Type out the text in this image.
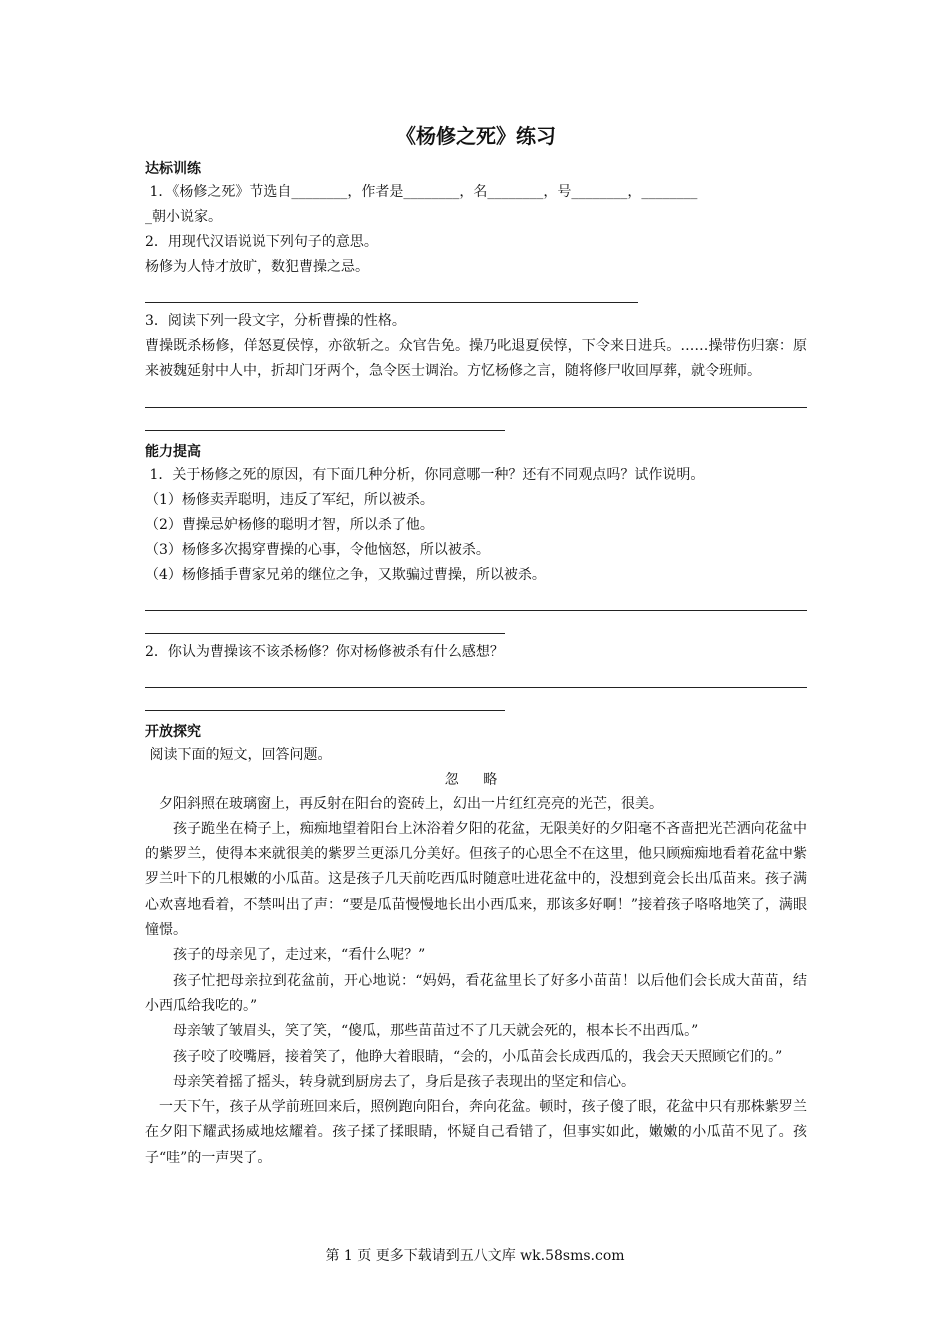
《杨修之死》练习

达标训练

1．《杨修之死》节选自________，作者是________，名________，号________，________

_朝小说家。

2．用现代汉语说说下列句子的意思。

杨修为人恃才放旷，数犯曹操之忌。

3．阅读下列一段文字，分析曹操的性格。

曹操既杀杨修，佯怒夏侯惇，亦欲斩之。众官告免。操乃叱退夏侯惇，下令来日进兵。……操带伤归寨：原来被魏延射中人中，折却门牙两个，急令医士调治。方忆杨修之言，随将修尸收回厚葬，就令班师。

能力提高

1．关于杨修之死的原因，有下面几种分析，你同意哪一种？还有不同观点吗？试作说明。

（1）杨修卖弄聪明，违反了军纪，所以被杀。

（2）曹操忌妒杨修的聪明才智，所以杀了他。

（3）杨修多次揭穿曹操的心事，令他恼怒，所以被杀。

（4）杨修插手曹家兄弟的继位之争，又欺骗过曹操，所以被杀。

2．你认为曹操该不该杀杨修？你对杨修被杀有什么感想？

开放探究

阅读下面的短文，回答问题。

忽 略

夕阳斜照在玻璃窗上，再反射在阳台的瓷砖上，幻出一片红红亮亮的光芒，很美。

孩子跪坐在椅子上，痴痴地望着阳台上沐浴着夕阳的花盆，无限美好的夕阳毫不吝啬把光芒洒向花盆中的紫罗兰，使得本来就很美的紫罗兰更添几分美好。但孩子的心思全不在这里，他只顾痴痴地看着花盆中紫罗兰叶下的几根嫩的小瓜苗。这是孩子几天前吃西瓜时随意吐进花盆中的，没想到竟会长出瓜苗来。孩子满心欢喜地看着，不禁叫出了声：“要是瓜苗慢慢地长出小西瓜来，那该多好啊！”接着孩子咯咯地笑了，满眼憧憬。

孩子的母亲见了，走过来，“看什么呢？”

孩子忙把母亲拉到花盆前，开心地说：“妈妈，看花盆里长了好多小苗苗！以后他们会长成大苗苗，结小西瓜给我吃的。”

母亲皱了皱眉头，笑了笑，“傻瓜，那些苗苗过不了几天就会死的，根本长不出西瓜。”

孩子咬了咬嘴唇，接着笑了，他睁大着眼睛，“会的，小瓜苗会长成西瓜的，我会天天照顾它们的。”

母亲笑着摇了摇头，转身就到厨房去了，身后是孩子表现出的坚定和信心。

一天下午，孩子从学前班回来后，照例跑向阳台，奔向花盆。顿时，孩子傻了眼，花盆中只有那株紫罗兰在夕阳下耀武扬威地炫耀着。孩子揉了揉眼睛，怀疑自己看错了，但事实如此，嫩嫩的小瓜苗不见了。孩子“哇”的一声哭了。

第 1 页 更多下载请到五八文库 wk.58sms.com
